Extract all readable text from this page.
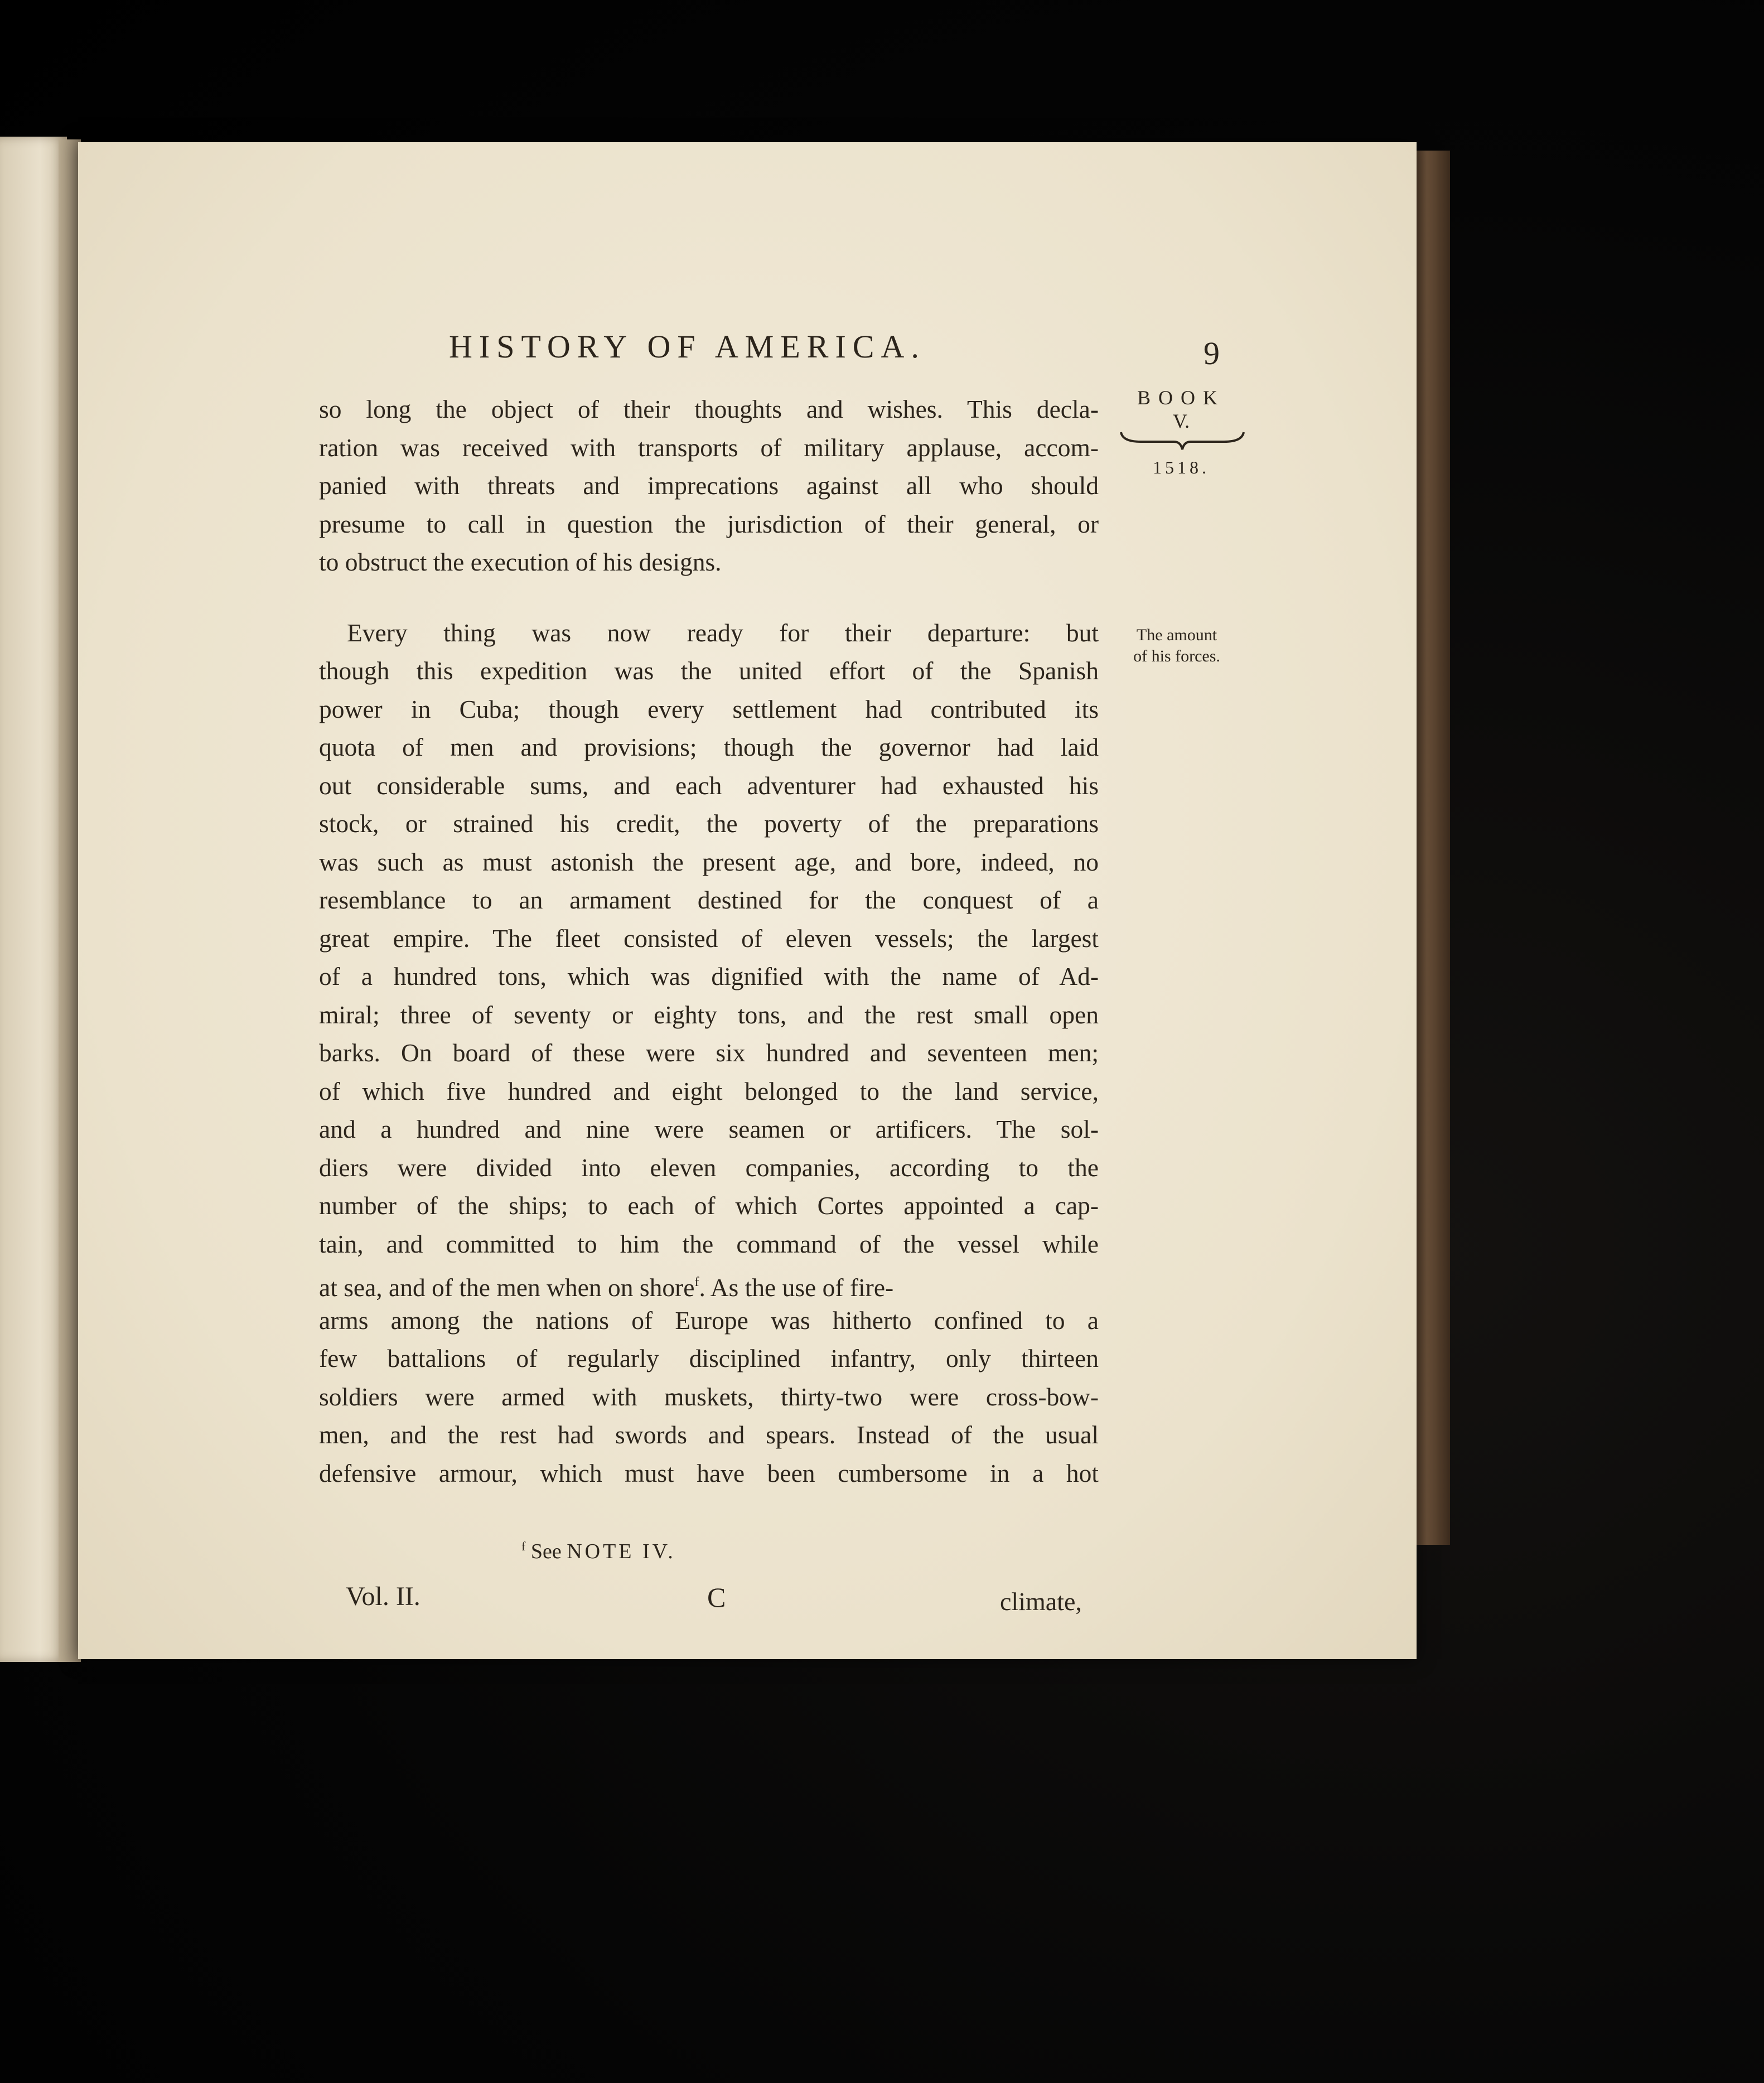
HISTORY OF AMERICA.	9
BOOK
V.
1518.
The amount
of his forces.
so long the object of their thoughts and wishes. This decla-
ration was received with transports of military applause, accom-
panied with threats and imprecations against all who should
presume to call in question the jurisdiction of their general, or
to obstruct the execution of his designs.
Every thing was now ready for their departure: but
though this expedition was the united effort of the Spanish
power in Cuba; though every settlement had contributed its
quota of men and provisions; though the governor had laid
out considerable sums, and each adventurer had exhausted his
stock, or strained his credit, the poverty of the preparations
was such as must astonish the present age, and bore, indeed, no
resemblance to an armament destined for the conquest of a
great empire. The fleet consisted of eleven vessels; the largest
of a hundred tons, which was dignified with the name of Ad-
miral; three of seventy or eighty tons, and the rest small open
barks. On board of these were six hundred and seventeen men;
of which five hundred and eight belonged to the land service,
and a hundred and nine were seamen or artificers. The sol-
diers were divided into eleven companies, according to the
number of the ships; to each of which Cortes appointed a cap-
tain, and committed to him the command of the vessel while
at sea, and of the men when on shore$^f$. As the use of fire-
arms among the nations of Europe was hitherto confined to a
few battalions of regularly disciplined infantry, only thirteen
soldiers were armed with muskets, thirty-two were cross-bow-
men, and the rest had swords and spears. Instead of the usual
defensive armour, which must have been cumbersome in a hot
$^f$ See NOTE IV.
Vol. II.	C	climate,
